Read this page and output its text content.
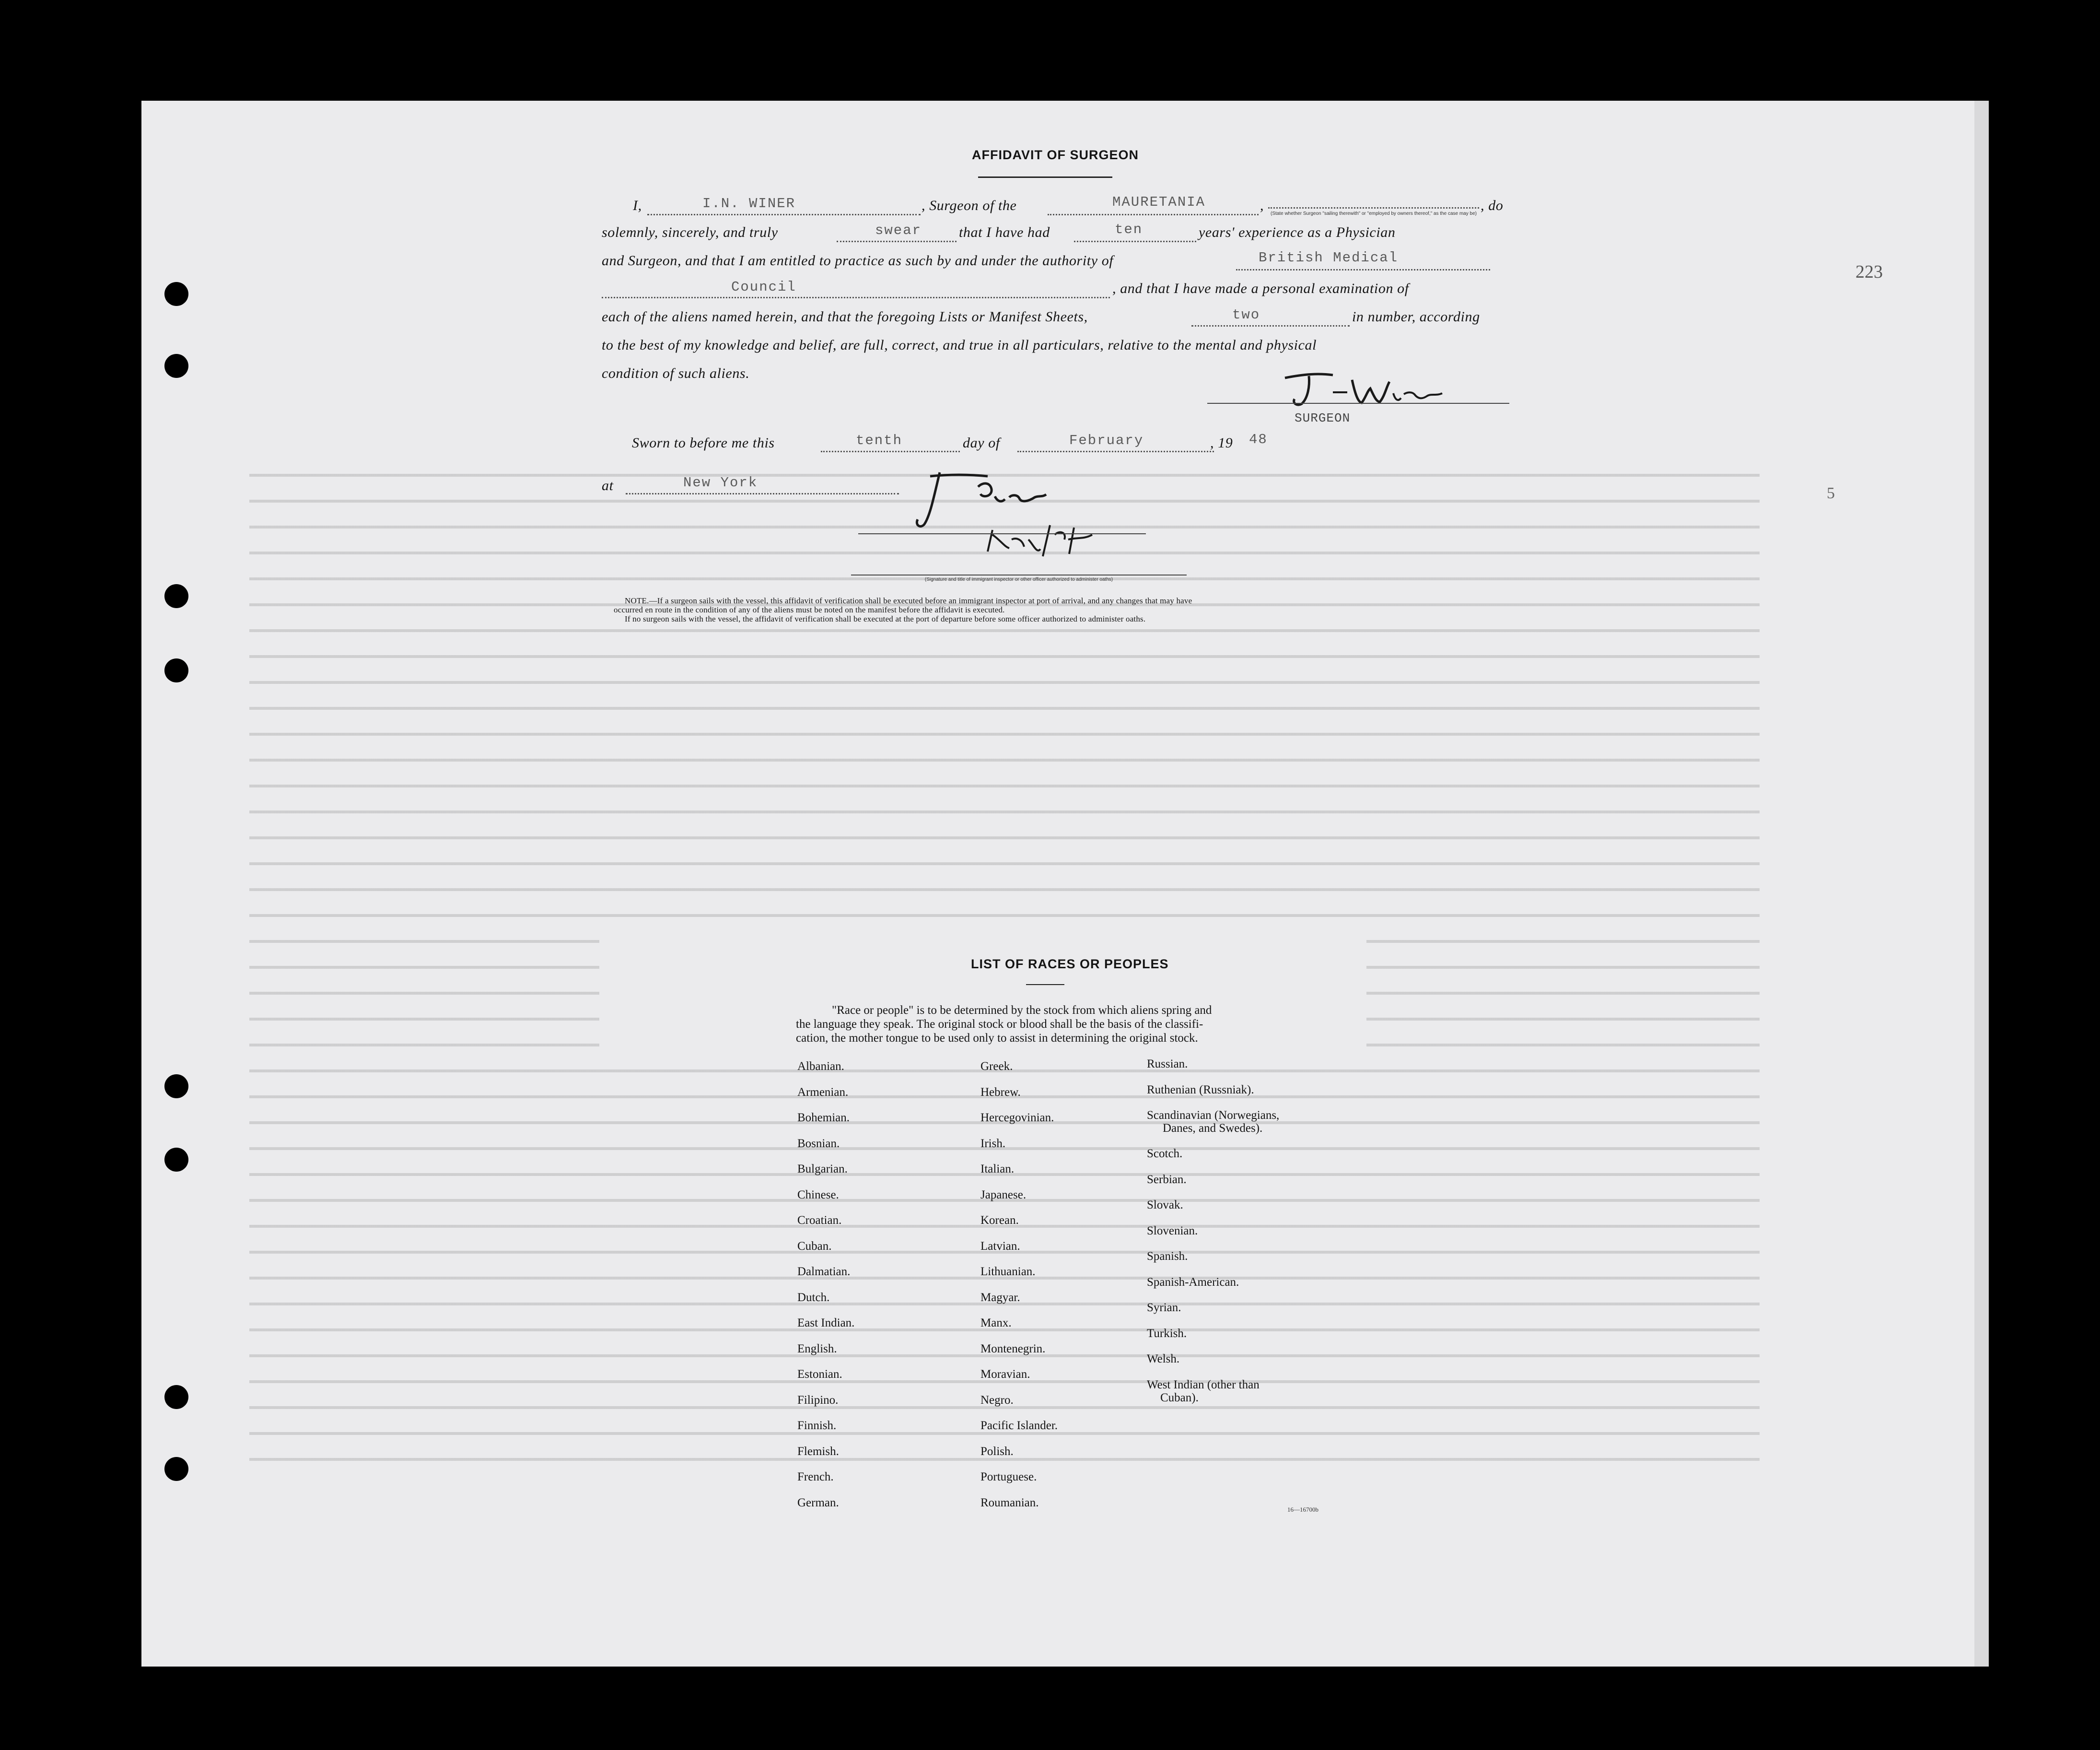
223
5
AFFIDAVIT OF SURGEON
I,	I.N. WINER	, Surgeon of the	MAURETANIA	,
(State whether Surgeon "sailing therewith" or "employed by owners thereof," as the case may be)
, do
solemnly, sincerely, and truly	swear	that I have had	ten	years' experience as a Physician
and Surgeon, and that I am entitled to practice as such by and under the authority of	British Medical
Council	, and that I have made a personal examination of
each of the aliens named herein, and that the foregoing Lists or Manifest Sheets,	two	in number, according
to the best of my knowledge and belief, are full, correct, and true in all particulars, relative to the mental and physical
condition of such aliens.
SURGEON
Sworn to before me this	tenth	day of	February	, 19 48
at	New York
(Signature and title of immigrant inspector or other officer authorized to administer oaths)
NOTE.—If a surgeon sails with the vessel, this affidavit of verification shall be executed before an immigrant inspector at port of arrival, and any changes that may have
occurred en route in the condition of any of the aliens must be noted on the manifest before the affidavit is executed.
If no surgeon sails with the vessel, the affidavit of verification shall be executed at the port of departure before some officer authorized to administer oaths.
LIST OF RACES OR PEOPLES
"Race or people" is to be determined by the stock from which aliens spring and
the language they speak. The original stock or blood shall be the basis of the classifi-
cation, the mother tongue to be used only to assist in determining the original stock.
Albanian.
Armenian.
Bohemian.
Bosnian.
Bulgarian.
Chinese.
Croatian.
Cuban.
Dalmatian.
Dutch.
East Indian.
English.
Estonian.
Filipino.
Finnish.
Flemish.
French.
German.
Greek.
Hebrew.
Hercegovinian.
Irish.
Italian.
Japanese.
Korean.
Latvian.
Lithuanian.
Magyar.
Manx.
Montenegrin.
Moravian.
Negro.
Pacific Islander.
Polish.
Portuguese.
Roumanian.
Russian.
Ruthenian (Russniak).
Scandinavian (Norwegians,
Danes, and Swedes).
Scotch.
Serbian.
Slovak.
Slovenian.
Spanish.
Spanish-American.
Syrian.
Turkish.
Welsh.
West Indian (other than
Cuban).
16—16700b
